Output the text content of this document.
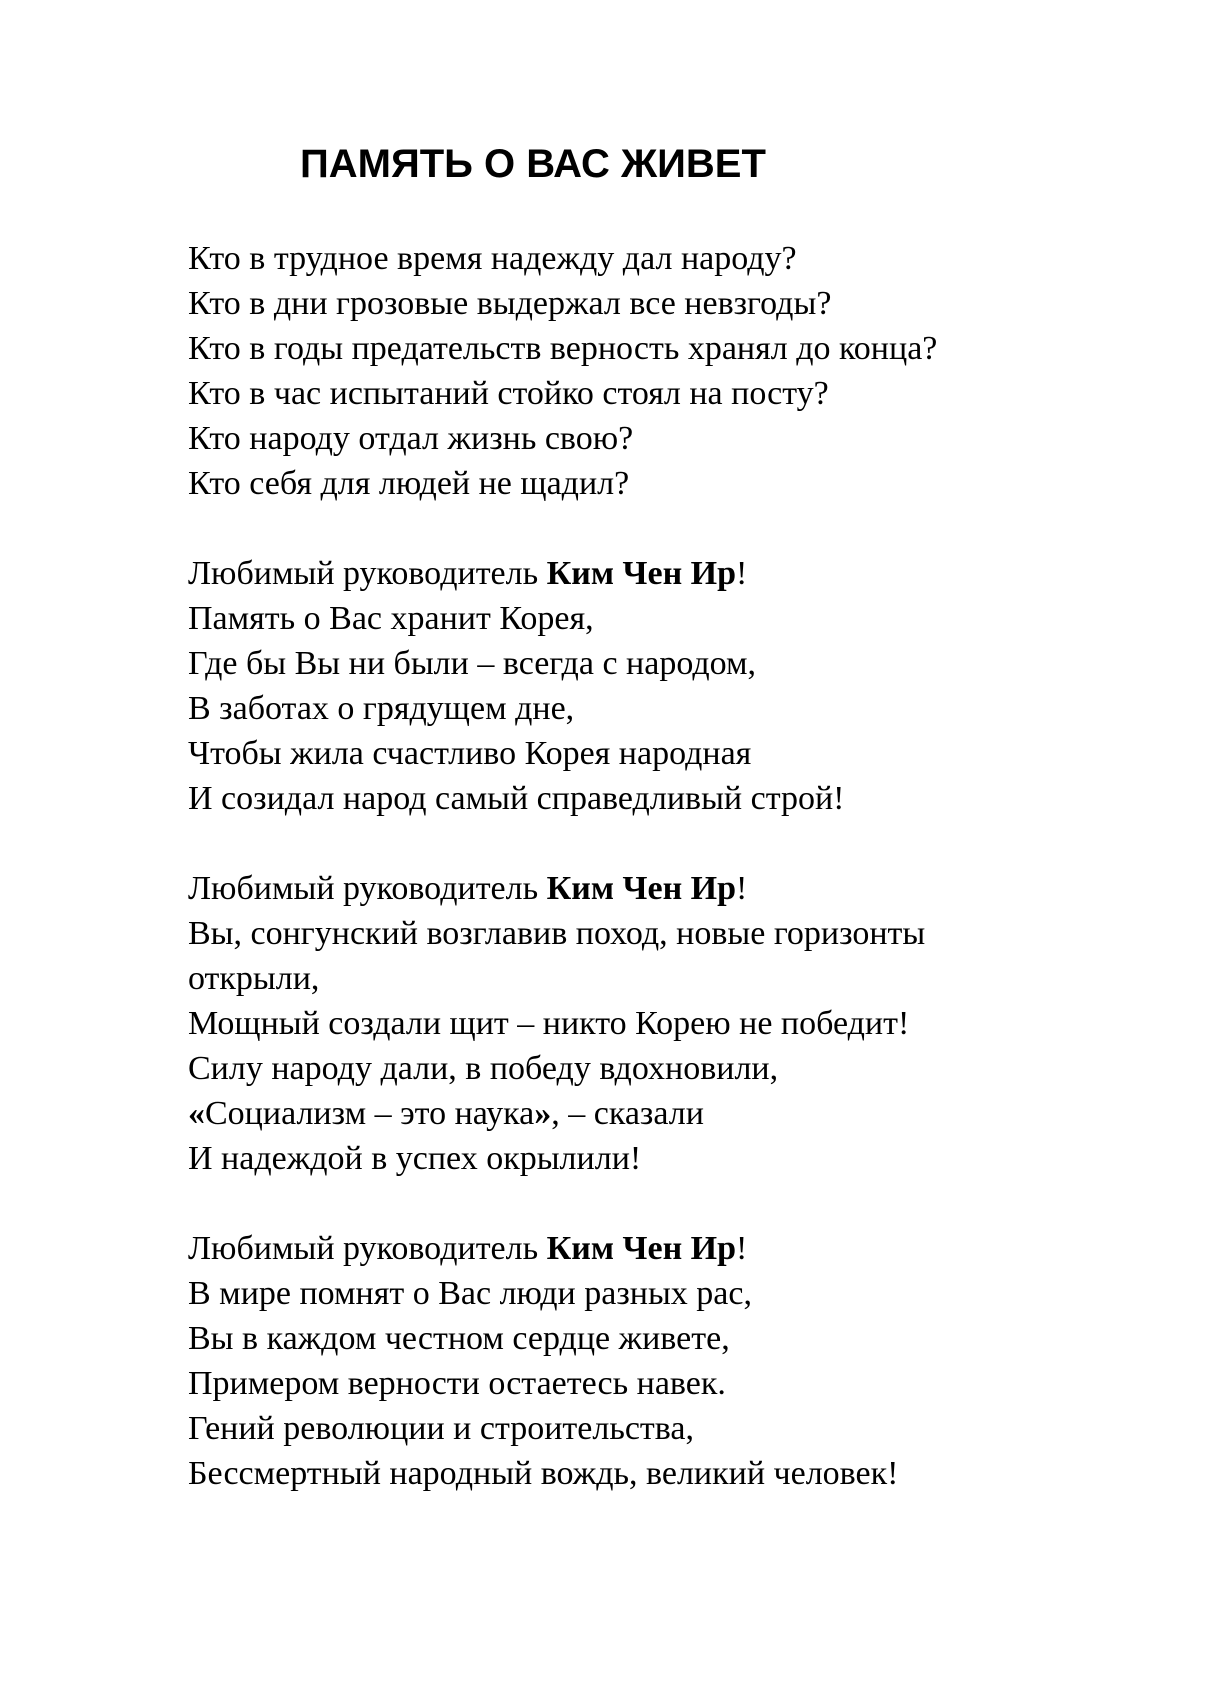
ПАМЯТЬ О ВАС ЖИВЕТ

Кто в трудное время надежду дал народу?
Кто в дни грозовые выдержал все невзгоды?
Кто в годы предательств верность хранял до конца?
Кто в час испытаний стойко стоял на посту?
Кто народу отдал жизнь свою?
Кто себя для людей не щадил?

Любимый руководитель Ким Чен Ир!
Память о Вас хранит Корея,
Где бы Вы ни были – всегда с народом,
В заботах о грядущем дне,
Чтобы жила счастливо Корея народная
И созидал народ самый справедливый строй!

Любимый руководитель Ким Чен Ир!
Вы, сонгунский возглавив поход, новые горизонты открыли,
Мощный создали щит – никто Корею не победит!
Силу народу дали, в победу вдохновили,
«Социализм – это наука», – сказали
И надеждой в успех окрылили!

Любимый руководитель Ким Чен Ир!
В мире помнят о Вас люди разных рас,
Вы в каждом честном сердце живете,
Примером верности остаетесь навек.
Гений революции и строительства,
Бессмертный народный вождь, великий человек!
